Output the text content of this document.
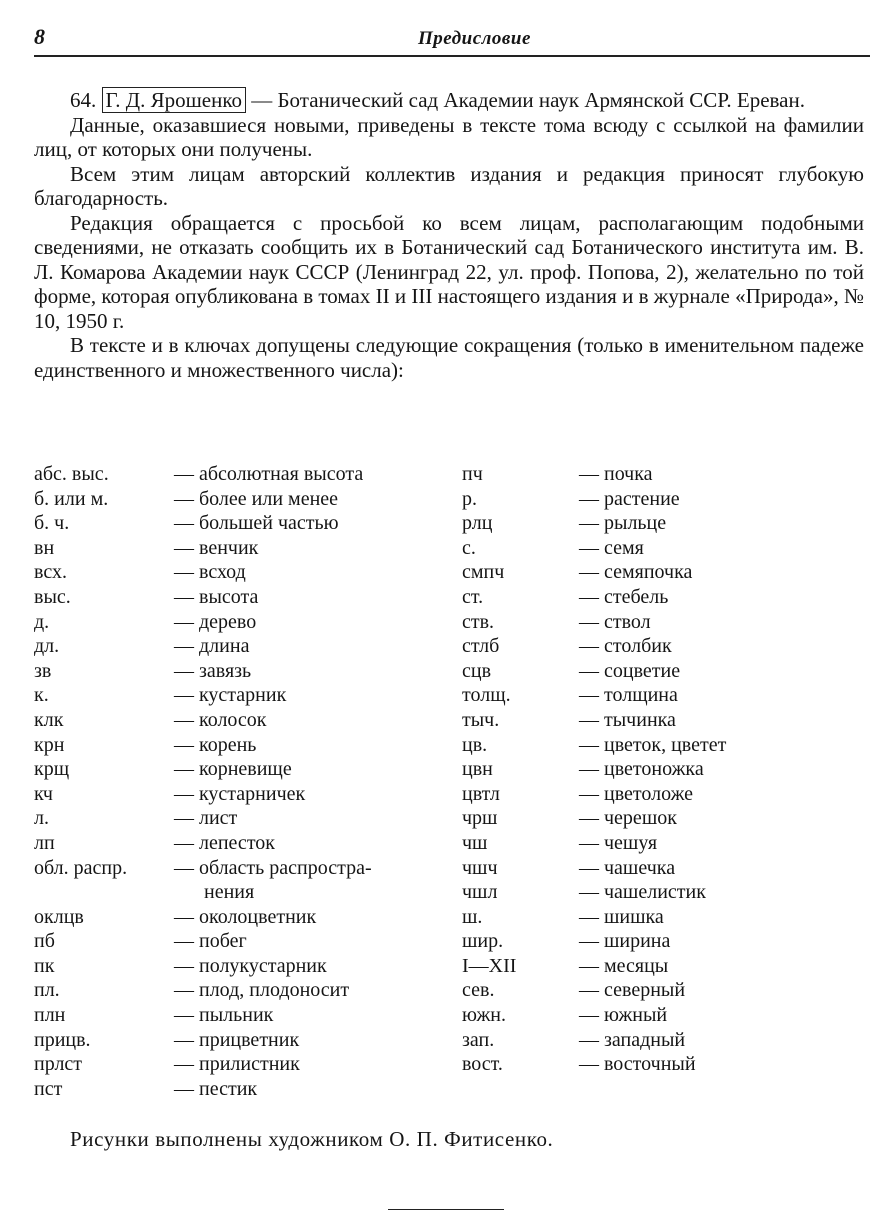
8	Предисловие

64. Г. Д. Ярошенко — Ботанический сад Академии наук Армянской ССР. Ереван.

Данные, оказавшиеся новыми, приведены в тексте тома всюду с ссылкой на фамилии лиц, от которых они получены.

Всем этим лицам авторский коллектив издания и редакция приносят глубокую благодарность.

Редакция обращается с просьбой ко всем лицам, располагающим подобными сведениями, не отказать сообщить их в Ботанический сад Ботанического института им. В. Л. Комарова Академии наук СССР (Ленинград 22, ул. проф. Попова, 2), желательно по той форме, которая опубликована в томах II и III настоящего издания и в журнале «Природа», № 10, 1950 г.

В тексте и в ключах допущены следующие сокращения (только в именительном падеже единственного и множественного числа):

абс. выс.	— абсолютная высота
б. или м.	— более или менее
б. ч.	— большей частью
вн	— венчик
всх.	— всход
выс.	— высота
д.	— дерево
дл.	— длина
зв	— завязь
к.	— кустарник
клк	— колосок
крн	— корень
крщ	— корневище
кч	— кустарничек
л.	— лист
лп	— лепесток
обл. распр. — область распростра-
нения
оклцв	— околоцветник
пб	— побег
пк	— полукустарник
пл.	— плод, плодоносит
плн	— пыльник
прицв.	— прицветник
прлст	— прилистник
пст	— пестик
пч	— почка
р.	— растение
рлц	— рыльце
с.	— семя
смпч	— семяпочка
ст.	— стебель
ств.	— ствол
стлб	— столбик
сцв	— соцветие
толщ.	— толщина
тыч.	— тычинка
цв.	— цветок, цветет
цвн	— цветоножка
цвтл	— цветоложе
чрш	— черешок
чш	— чешуя
чшч	— чашечка
чшл	— чашелистик
ш.	— шишка
шир.	— ширина
I—XII	— месяцы
сев.	— северный
южн.	— южный
зап.	— западный
вост.	— восточный
Рисунки выполнены художником О. П. Фитисенко.
